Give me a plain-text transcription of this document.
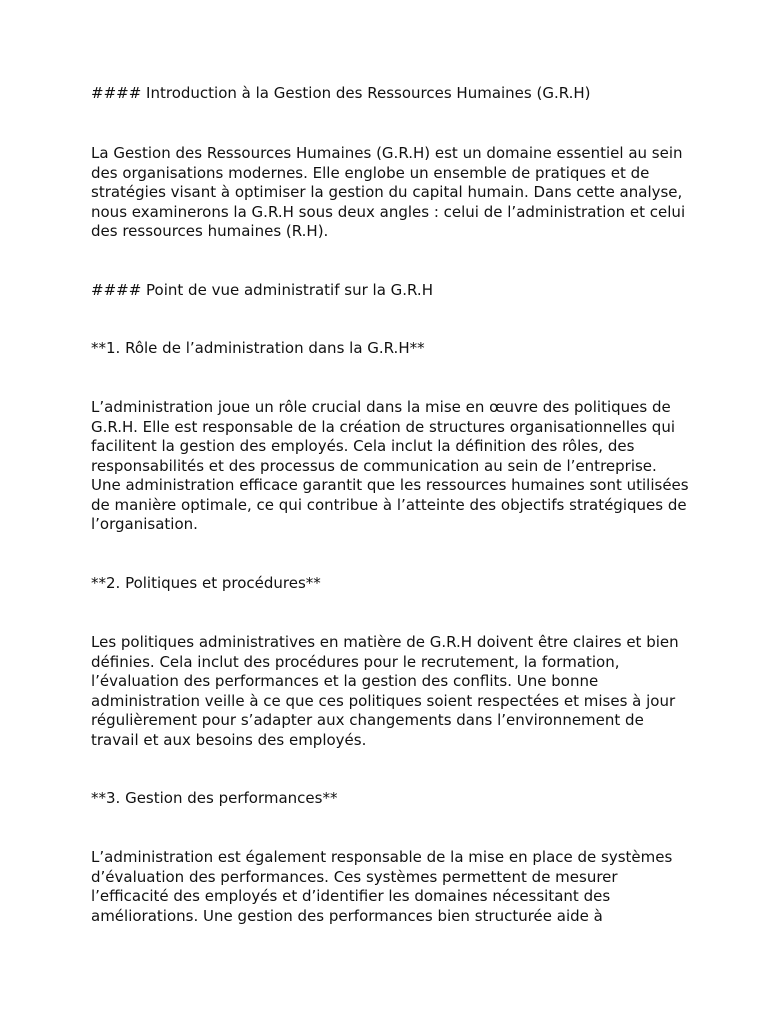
#### Introduction à la Gestion des Ressources Humaines (G.R.H)

La Gestion des Ressources Humaines (G.R.H) est un domaine essentiel au sein des organisations modernes. Elle englobe un ensemble de pratiques et de stratégies visant à optimiser la gestion du capital humain. Dans cette analyse, nous examinerons la G.R.H sous deux angles : celui de l’administration et celui des ressources humaines (R.H).

#### Point de vue administratif sur la G.R.H

**1. Rôle de l’administration dans la G.R.H**

L’administration joue un rôle crucial dans la mise en œuvre des politiques de G.R.H. Elle est responsable de la création de structures organisationnelles qui facilitent la gestion des employés. Cela inclut la définition des rôles, des responsabilités et des processus de communication au sein de l’entreprise. Une administration efficace garantit que les ressources humaines sont utilisées de manière optimale, ce qui contribue à l’atteinte des objectifs stratégiques de l’organisation.

**2. Politiques et procédures**

Les politiques administratives en matière de G.R.H doivent être claires et bien définies. Cela inclut des procédures pour le recrutement, la formation, l’évaluation des performances et la gestion des conflits. Une bonne administration veille à ce que ces politiques soient respectées et mises à jour régulièrement pour s’adapter aux changements dans l’environnement de travail et aux besoins des employés.

**3. Gestion des performances**

L’administration est également responsable de la mise en place de systèmes d’évaluation des performances. Ces systèmes permettent de mesurer l’efficacité des employés et d’identifier les domaines nécessitant des améliorations. Une gestion des performances bien structurée aide à
